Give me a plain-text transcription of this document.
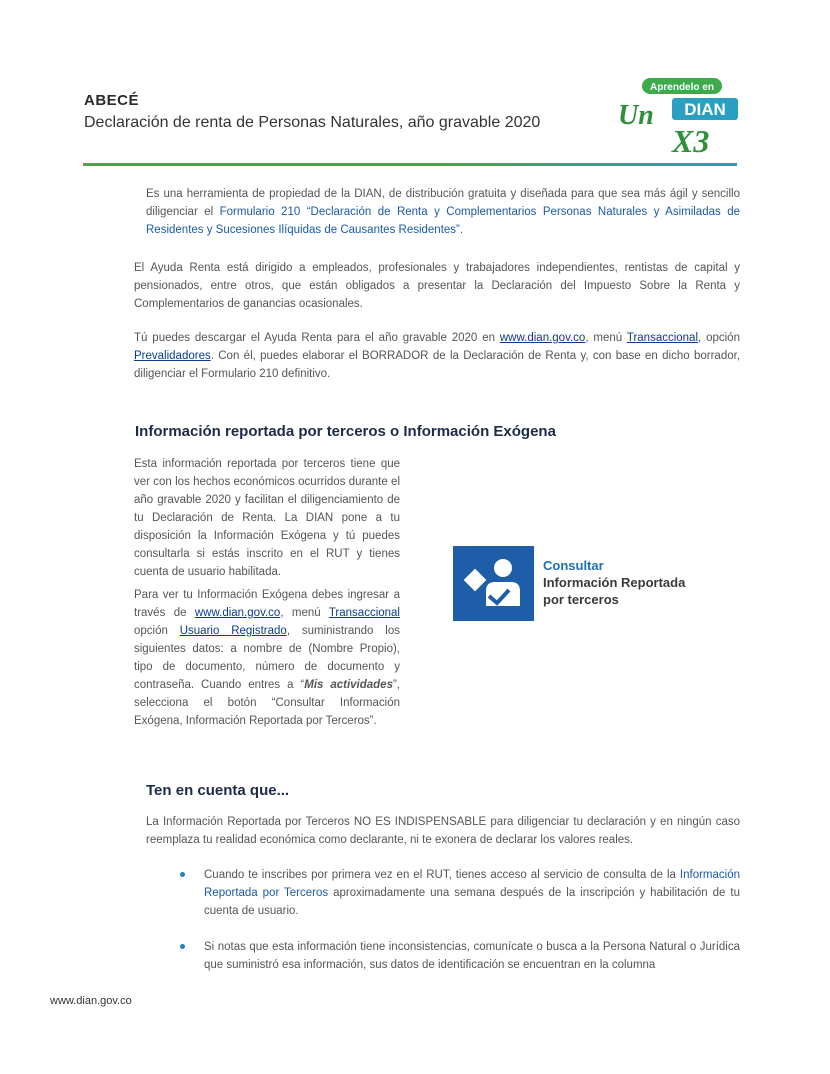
ABECÉ
Declaración de renta de Personas Naturales, año gravable 2020
Aprendelo en
Un DIAN
X3
Es una herramienta de propiedad de la DIAN, de distribución gratuita y diseñada para que sea más ágil y sencillo diligenciar el Formulario 210 “Declaración de Renta y Complementarios Personas Naturales y Asimiladas de Residentes y Sucesiones Ilíquidas de Causantes Residentes”.
El Ayuda Renta está dirigido a empleados, profesionales y trabajadores independientes, rentistas de capital y pensionados, entre otros, que están obligados a presentar la Declaración del Impuesto Sobre la Renta y Complementarios de ganancias ocasionales.
Tú puedes descargar el Ayuda Renta para el año gravable 2020 en www.dian.gov.co, menú Transaccional, opción Prevalidadores. Con él, puedes elaborar el BORRADOR de la Declaración de Renta y, con base en dicho borrador, diligenciar el Formulario 210 definitivo.
Información reportada por terceros o Información Exógena
Esta información reportada por terceros tiene que ver con los hechos económicos ocurridos durante el año gravable 2020 y facilitan el diligenciamiento de tu Declaración de Renta. La DIAN pone a tu disposición la Información Exógena y tú puedes consultarla si estás inscrito en el RUT y tienes cuenta de usuario habilitada.
Para ver tu Información Exógena debes ingresar a través de www.dian.gov.co, menú Transaccional opción Usuario Registrado, suministrando los siguientes datos: a nombre de (Nombre Propio), tipo de documento, número de documento y contraseña. Cuando entres a “Mis actividades”, selecciona el botón “Consultar Información Exógena, Información Reportada por Terceros”.
Consultar
Información Reportada
por terceros
Ten en cuenta que...
La Información Reportada por Terceros NO ES INDISPENSABLE para diligenciar tu declaración y en ningún caso reemplaza tu realidad económica como declarante, ni te exonera de declarar los valores reales.
Cuando te inscribes por primera vez en el RUT, tienes acceso al servicio de consulta de la Información Reportada por Terceros aproximadamente una semana después de la inscripción y habilitación de tu cuenta de usuario.
Si notas que esta información tiene inconsistencias, comunícate o busca a la Persona Natural o Jurídica que suministró esa información, sus datos de identificación se encuentran en la columna
www.dian.gov.co
